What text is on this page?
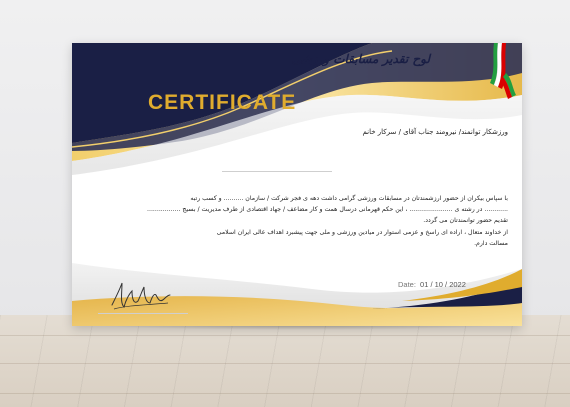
لوح تقدیر مسابقات ورزشی
CERTIFICATE
ورزشکار توانمند/ نیرومند جناب آقای / سرکار خانم

با سپاس بیکران از حضور ارزشمندتان در مسابقات ورزشی گرامی داشت دهه ی فجر شرکت / سازمان .......... و کسب رتبه

............ در رشته ی ...................... ، این حکم قهرمانی درسال همت و کار مضاعف / جهاد اقتصادی از طرف مدیریت / بسیج .................

تقدیم حضور توانمندتان می گردد.

از خداوند متعال ، اراده ای راسخ و عزمی استوار در میادین ورزشی و ملی جهت پیشبرد اهداف عالی ایران اسلامی

مسالت دارم.

Date: 01 / 10 / 2022
